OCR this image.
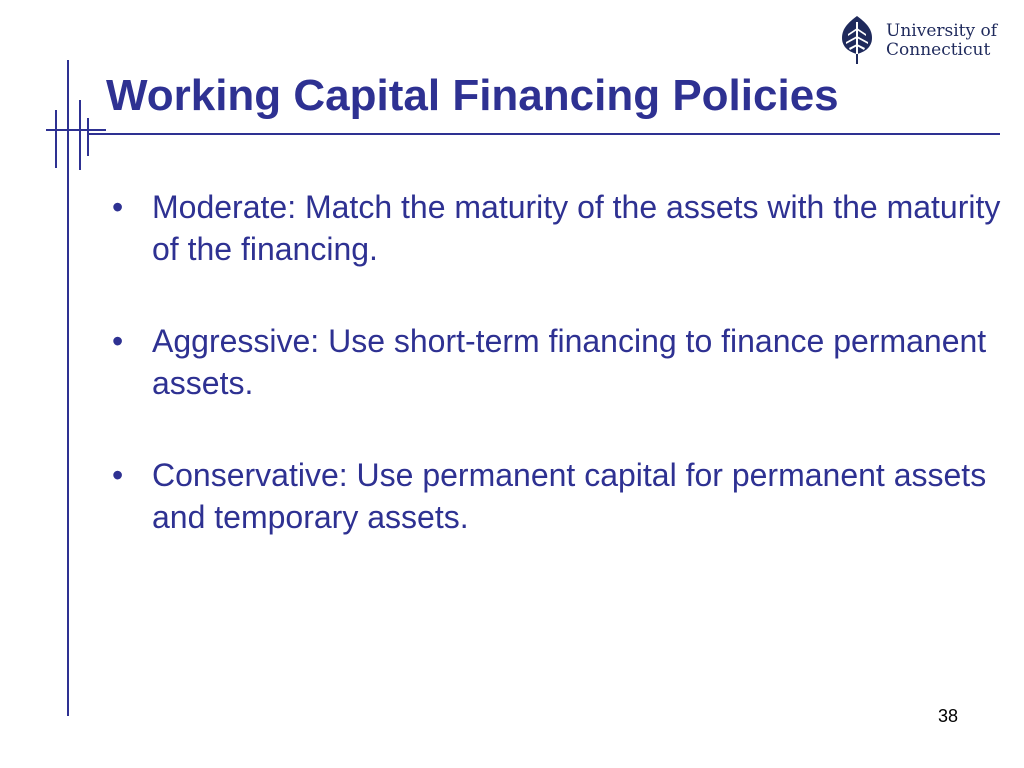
University of
Connecticut
Working Capital Financing Policies
• Moderate: Match the maturity of the assets with the maturity of the financing.
• Aggressive: Use short-term financing to finance permanent assets.
• Conservative: Use permanent capital for permanent assets and temporary assets.
38
